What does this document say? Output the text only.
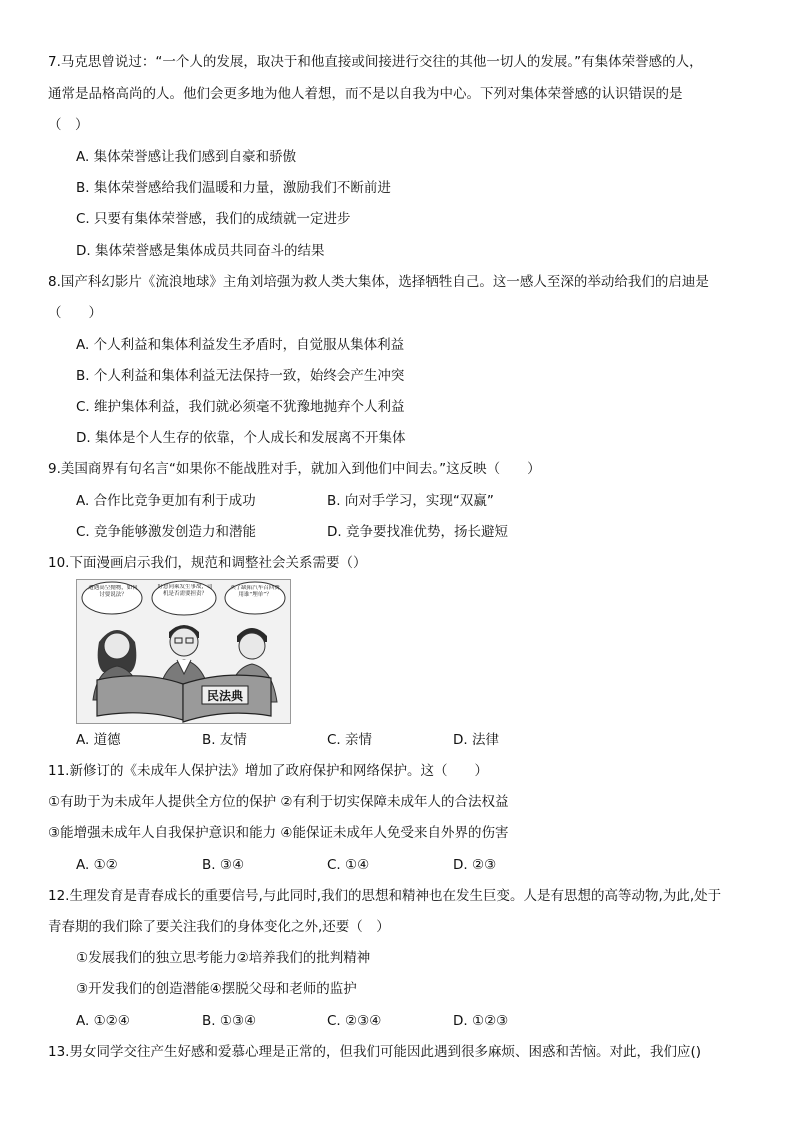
7.马克思曾说过：“一个人的发展，取决于和他直接或间接进行交往的其他一切人的发展。”有集体荣誉感的人，
通常是品格高尚的人。他们会更多地为他人着想，而不是以自我为中心。下列对集体荣誉感的认识错误的是
（　）
A. 集体荣誉感让我们感到自豪和骄傲
B. 集体荣誉感给我们温暖和力量，激励我们不断前进
C. 只要有集体荣誉感，我们的成绩就一定进步
D. 集体荣誉感是集体成员共同奋斗的结果
8.国产科幻影片《流浪地球》主角刘培强为救人类大集体，选择牺牲自己。这一感人至深的举动给我们的启迪是
（　　）
A. 个人利益和集体利益发生矛盾时，自觉服从集体利益
B. 个人利益和集体利益无法保持一致，始终会产生冲突
C. 维护集体利益，我们就必须毫不犹豫地抛弃个人利益
D. 集体是个人生存的依靠，个人成长和发展离不开集体
9.美国商界有句名言“如果你不能战胜对手，就加入到他们中间去。”这反映（　　）
A. 合作比竞争更加有利于成功	B. 向对手学习，实现“双赢”
C. 竞争能够激发创造力和潜能	D. 竞争要找准优势，扬长避短
10.下面漫画启示我们，规范和调整社会关系需要（）
遭遇高空抛物，如何讨要说法？
好意同乘发生事故，司机是否需要担责？
买了缺陷汽车召回费用谁“埋单”？
民法典
A. 道德	B. 友情	C. 亲情	D. 法律
11.新修订的《未成年人保护法》增加了政府保护和网络保护。这（　　）
①有助于为未成年人提供全方位的保护 ②有利于切实保障未成年人的合法权益
③能增强未成年人自我保护意识和能力 ④能保证未成年人免受来自外界的伤害
A. ①②	B. ③④	C. ①④	D. ②③
12.生理发育是青春成长的重要信号,与此同时,我们的思想和精神也在发生巨变。人是有思想的高等动物,为此,处于
青春期的我们除了要关注我们的身体变化之外,还要（　）
①发展我们的独立思考能力②培养我们的批判精神
③开发我们的创造潜能④摆脱父母和老师的监护
A. ①②④	B. ①③④	C. ②③④	D. ①②③
13.男女同学交往产生好感和爱慕心理是正常的，但我们可能因此遇到很多麻烦、困惑和苦恼。对此，我们应()
